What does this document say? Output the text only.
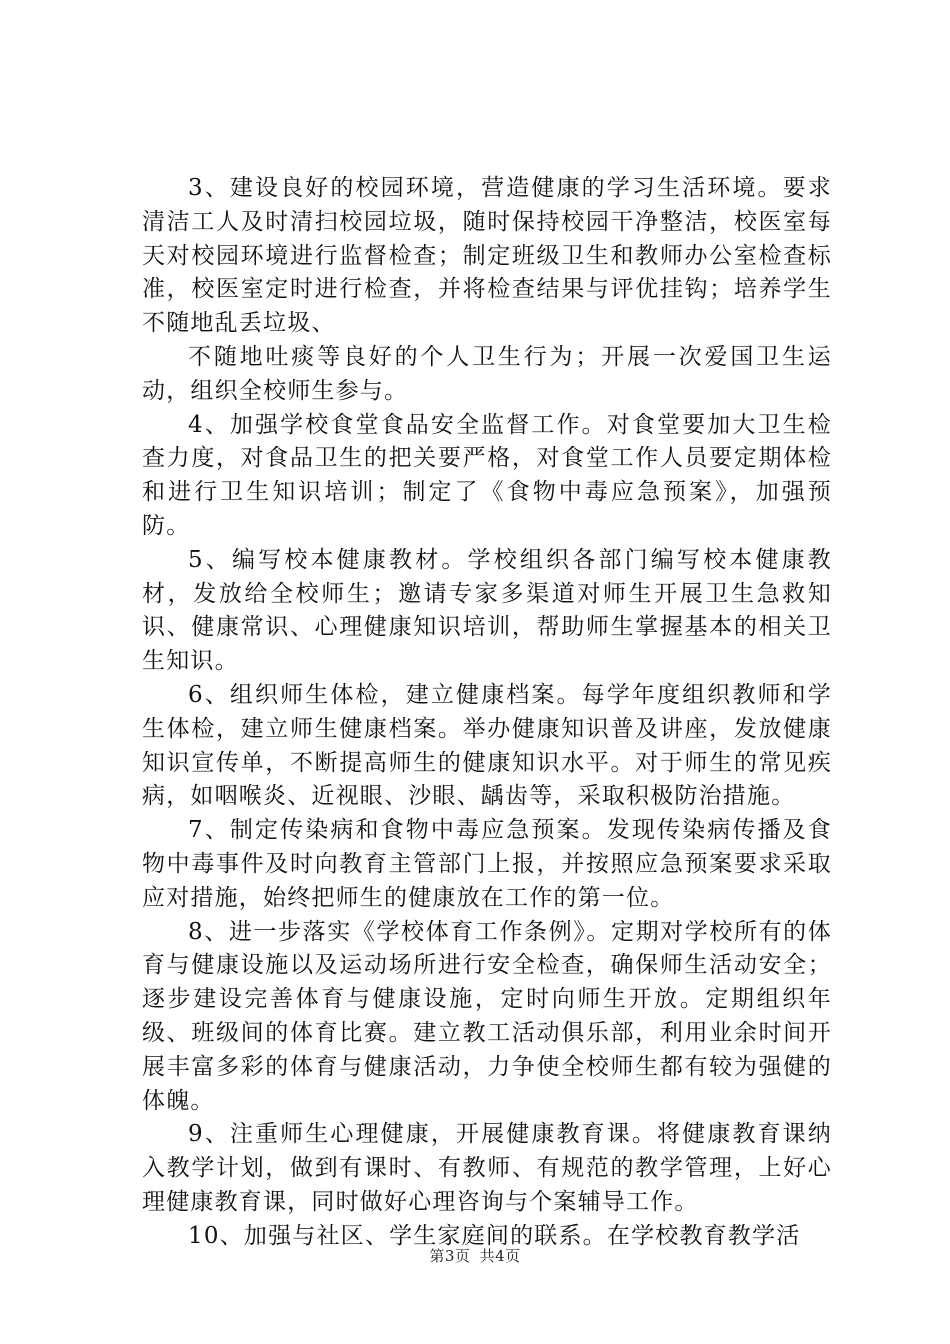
3、建设良好的校园环境，营造健康的学习生活环境。要求清洁工人及时清扫校园垃圾，随时保持校园干净整洁，校医室每天对校园环境进行监督检查；制定班级卫生和教师办公室检查标准，校医室定时进行检查，并将检查结果与评优挂钩；培养学生不随地乱丢垃圾、

不随地吐痰等良好的个人卫生行为；开展一次爱国卫生运动，组织全校师生参与。

4、加强学校食堂食品安全监督工作。对食堂要加大卫生检查力度，对食品卫生的把关要严格，对食堂工作人员要定期体检和进行卫生知识培训；制定了《食物中毒应急预案》，加强预防。

5、编写校本健康教材。学校组织各部门编写校本健康教材，发放给全校师生；邀请专家多渠道对师生开展卫生急救知识、健康常识、心理健康知识培训，帮助师生掌握基本的相关卫生知识。

6、组织师生体检，建立健康档案。每学年度组织教师和学生体检，建立师生健康档案。举办健康知识普及讲座，发放健康知识宣传单，不断提高师生的健康知识水平。对于师生的常见疾病，如咽喉炎、近视眼、沙眼、龋齿等，采取积极防治措施。

7、制定传染病和食物中毒应急预案。发现传染病传播及食物中毒事件及时向教育主管部门上报，并按照应急预案要求采取应对措施，始终把师生的健康放在工作的第一位。

8、进一步落实《学校体育工作条例》。定期对学校所有的体育与健康设施以及运动场所进行安全检查，确保师生活动安全；逐步建设完善体育与健康设施，定时向师生开放。定期组织年级、班级间的体育比赛。建立教工活动俱乐部，利用业余时间开展丰富多彩的体育与健康活动，力争使全校师生都有较为强健的体魄。

9、注重师生心理健康，开展健康教育课。将健康教育课纳入教学计划，做到有课时、有教师、有规范的教学管理，上好心理健康教育课，同时做好心理咨询与个案辅导工作。

10、加强与社区、学生家庭间的联系。在学校教育教学活

第3页 共4页
